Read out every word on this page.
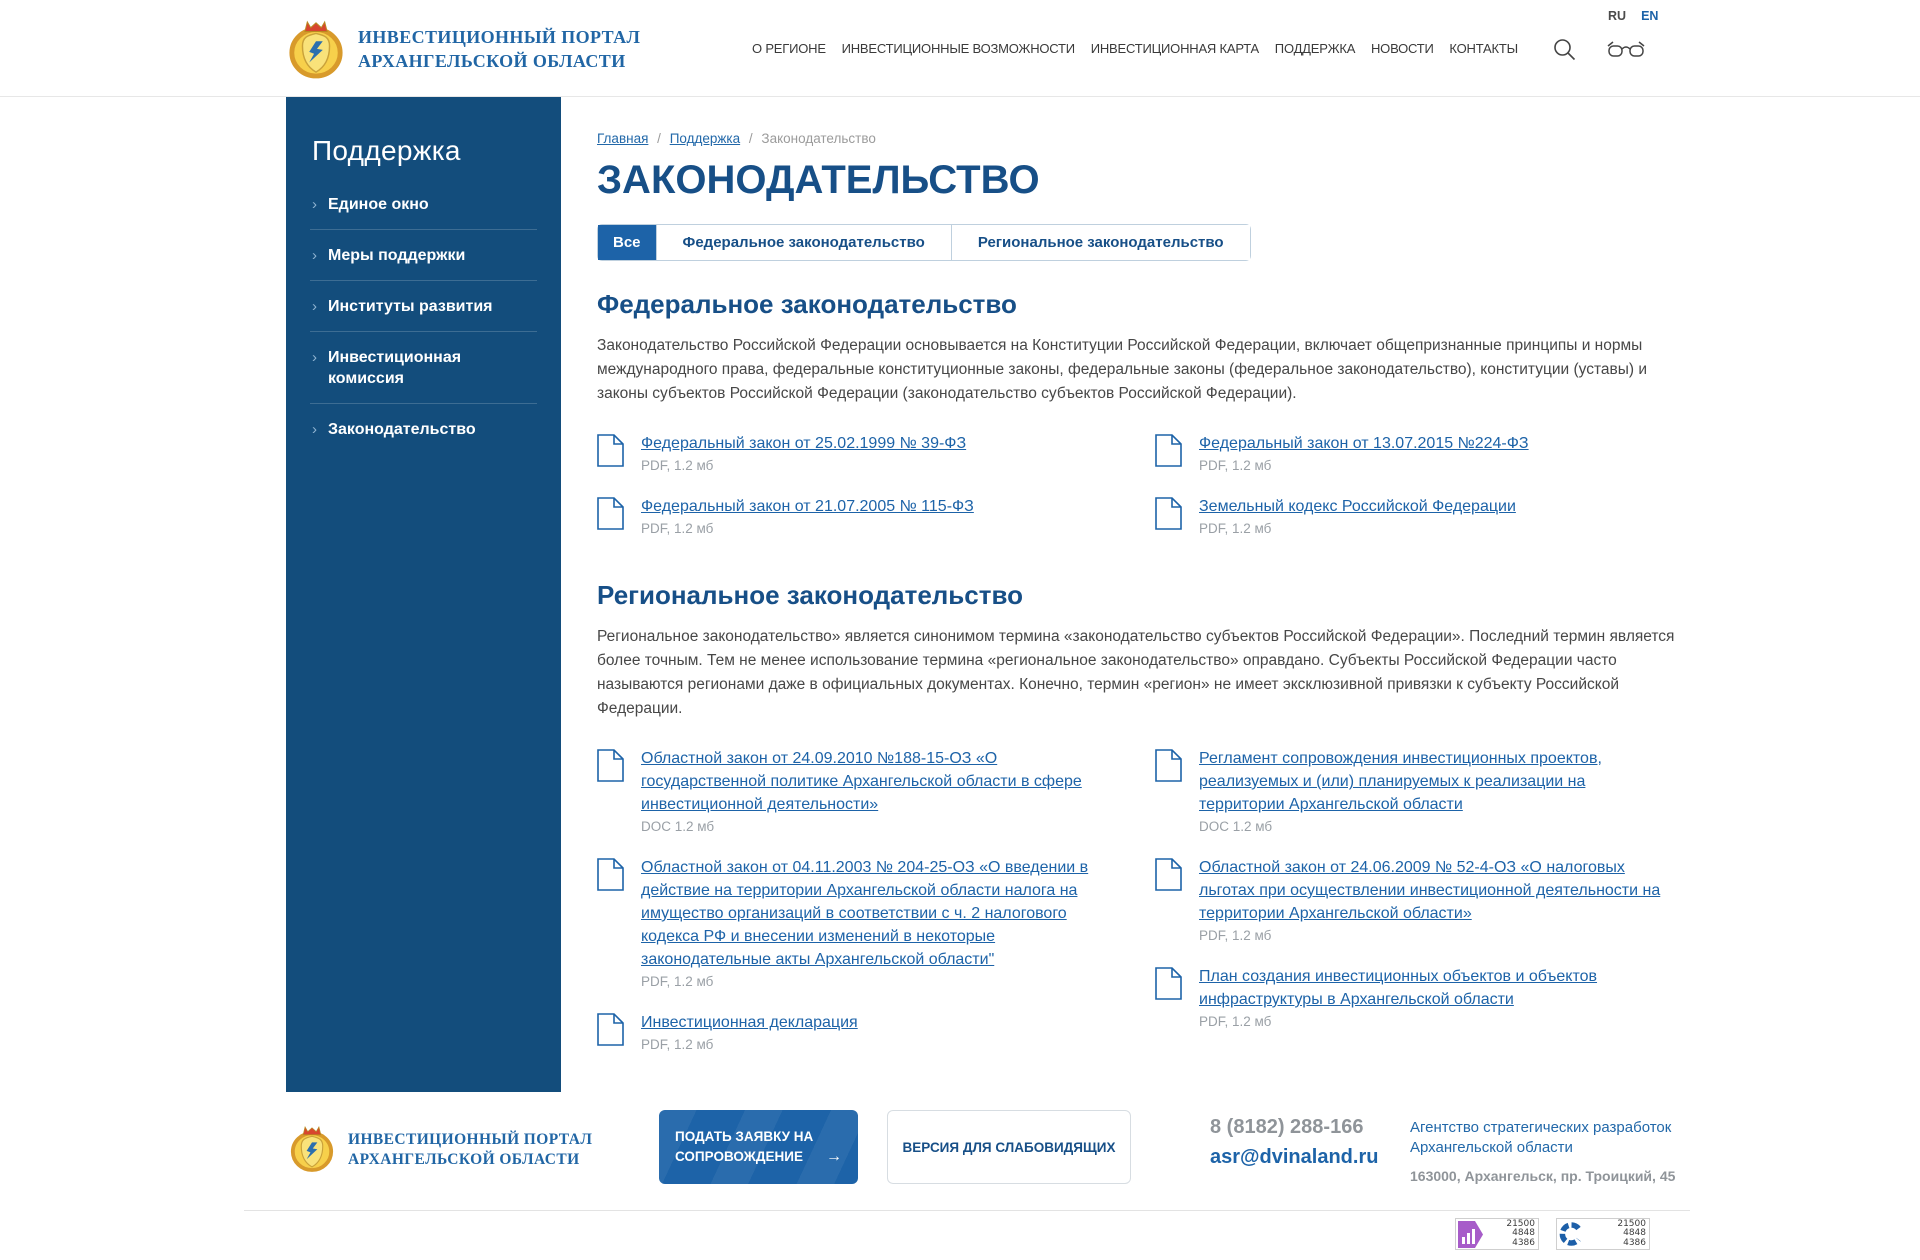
ИНВЕСТИЦИОННЫЙ ПОРТАЛ
АРХАНГЕЛЬСКОЙ ОБЛАСТИ
О РЕГИОНЕ ИНВЕСТИЦИОННЫЕ ВОЗМОЖНОСТИ ИНВЕСТИЦИОННАЯ КАРТА ПОДДЕРЖКА НОВОСТИ КОНТАКТЫ
RU EN
Поддержка
› Единое окно
› Меры поддержки
› Институты развития
› Инвестиционная комиссия
› Законодательство
Главная / Поддержка / Законодательство
ЗАКОНОДАТЕЛЬСТВО
Все	Федеральное законодательство	Региональное законодательство
Федеральное законодательство

Законодательство Российской Федерации основывается на Конституции Российской Федерации, включает общепризнанные принципы и нормы международного права, федеральные конституционные законы, федеральные законы (федеральное законодательство), конституции (уставы) и законы субъектов Российской Федерации (законодательство субъектов Российской Федерации).

Федеральный закон от 25.02.1999 № 39-ФЗ
PDF, 1.2 мб
Федеральный закон от 21.07.2005 № 115-ФЗ
PDF, 1.2 мб
Федеральный закон от 13.07.2015 №224-ФЗ
PDF, 1.2 мб
Земельный кодекс Российской Федерации
PDF, 1.2 мб
Региональное законодательство

Региональное законодательство» является синонимом термина «законодательство субъектов Российской Федерации». Последний термин является более точным. Тем не менее использование термина «региональное законодательство» оправдано. Субъекты Российской Федерации часто называются регионами даже в официальных документах. Конечно, термин «регион» не имеет эксклюзивной привязки к субъекту Российской Федерации.

Областной закон от 24.09.2010 №188-15-ОЗ «О государственной политике Архангельской области в сфере инвестиционной деятельности»
DOC 1.2 мб
Областной закон от 04.11.2003 № 204-25-ОЗ «О введении в действие на территории Архангельской области налога на имущество организаций в соответствии с ч. 2 налогового кодекса РФ и внесении изменений в некоторые законодательные акты Архангельской области"
PDF, 1.2 мб
Инвестиционная декларация
PDF, 1.2 мб
Регламент сопровождения инвестиционных проектов, реализуемых и (или) планируемых к реализации на территории Архангельской области
DOC 1.2 мб
Областной закон от 24.06.2009 № 52-4-ОЗ «О налоговых льготах при осуществлении инвестиционной деятельности на территории Архангельской области»
PDF, 1.2 мб
План создания инвестиционных объектов и объектов инфраструктуры в Архангельской области
PDF, 1.2 мб
ИНВЕСТИЦИОННЫЙ ПОРТАЛ
АРХАНГЕЛЬСКОЙ ОБЛАСТИ
ПОДАТЬ ЗАЯВКУ НА
СОПРОВОЖДЕНИЕ →
ВЕРСИЯ ДЛЯ СЛАБОВИДЯЩИХ
8 (8182) 288-166
asr@dvinaland.ru
Агентство стратегических разработок Архангельской области
163000, Архангельск, пр. Троицкий, 45
21500
4848
4386
21500
4848
4386
